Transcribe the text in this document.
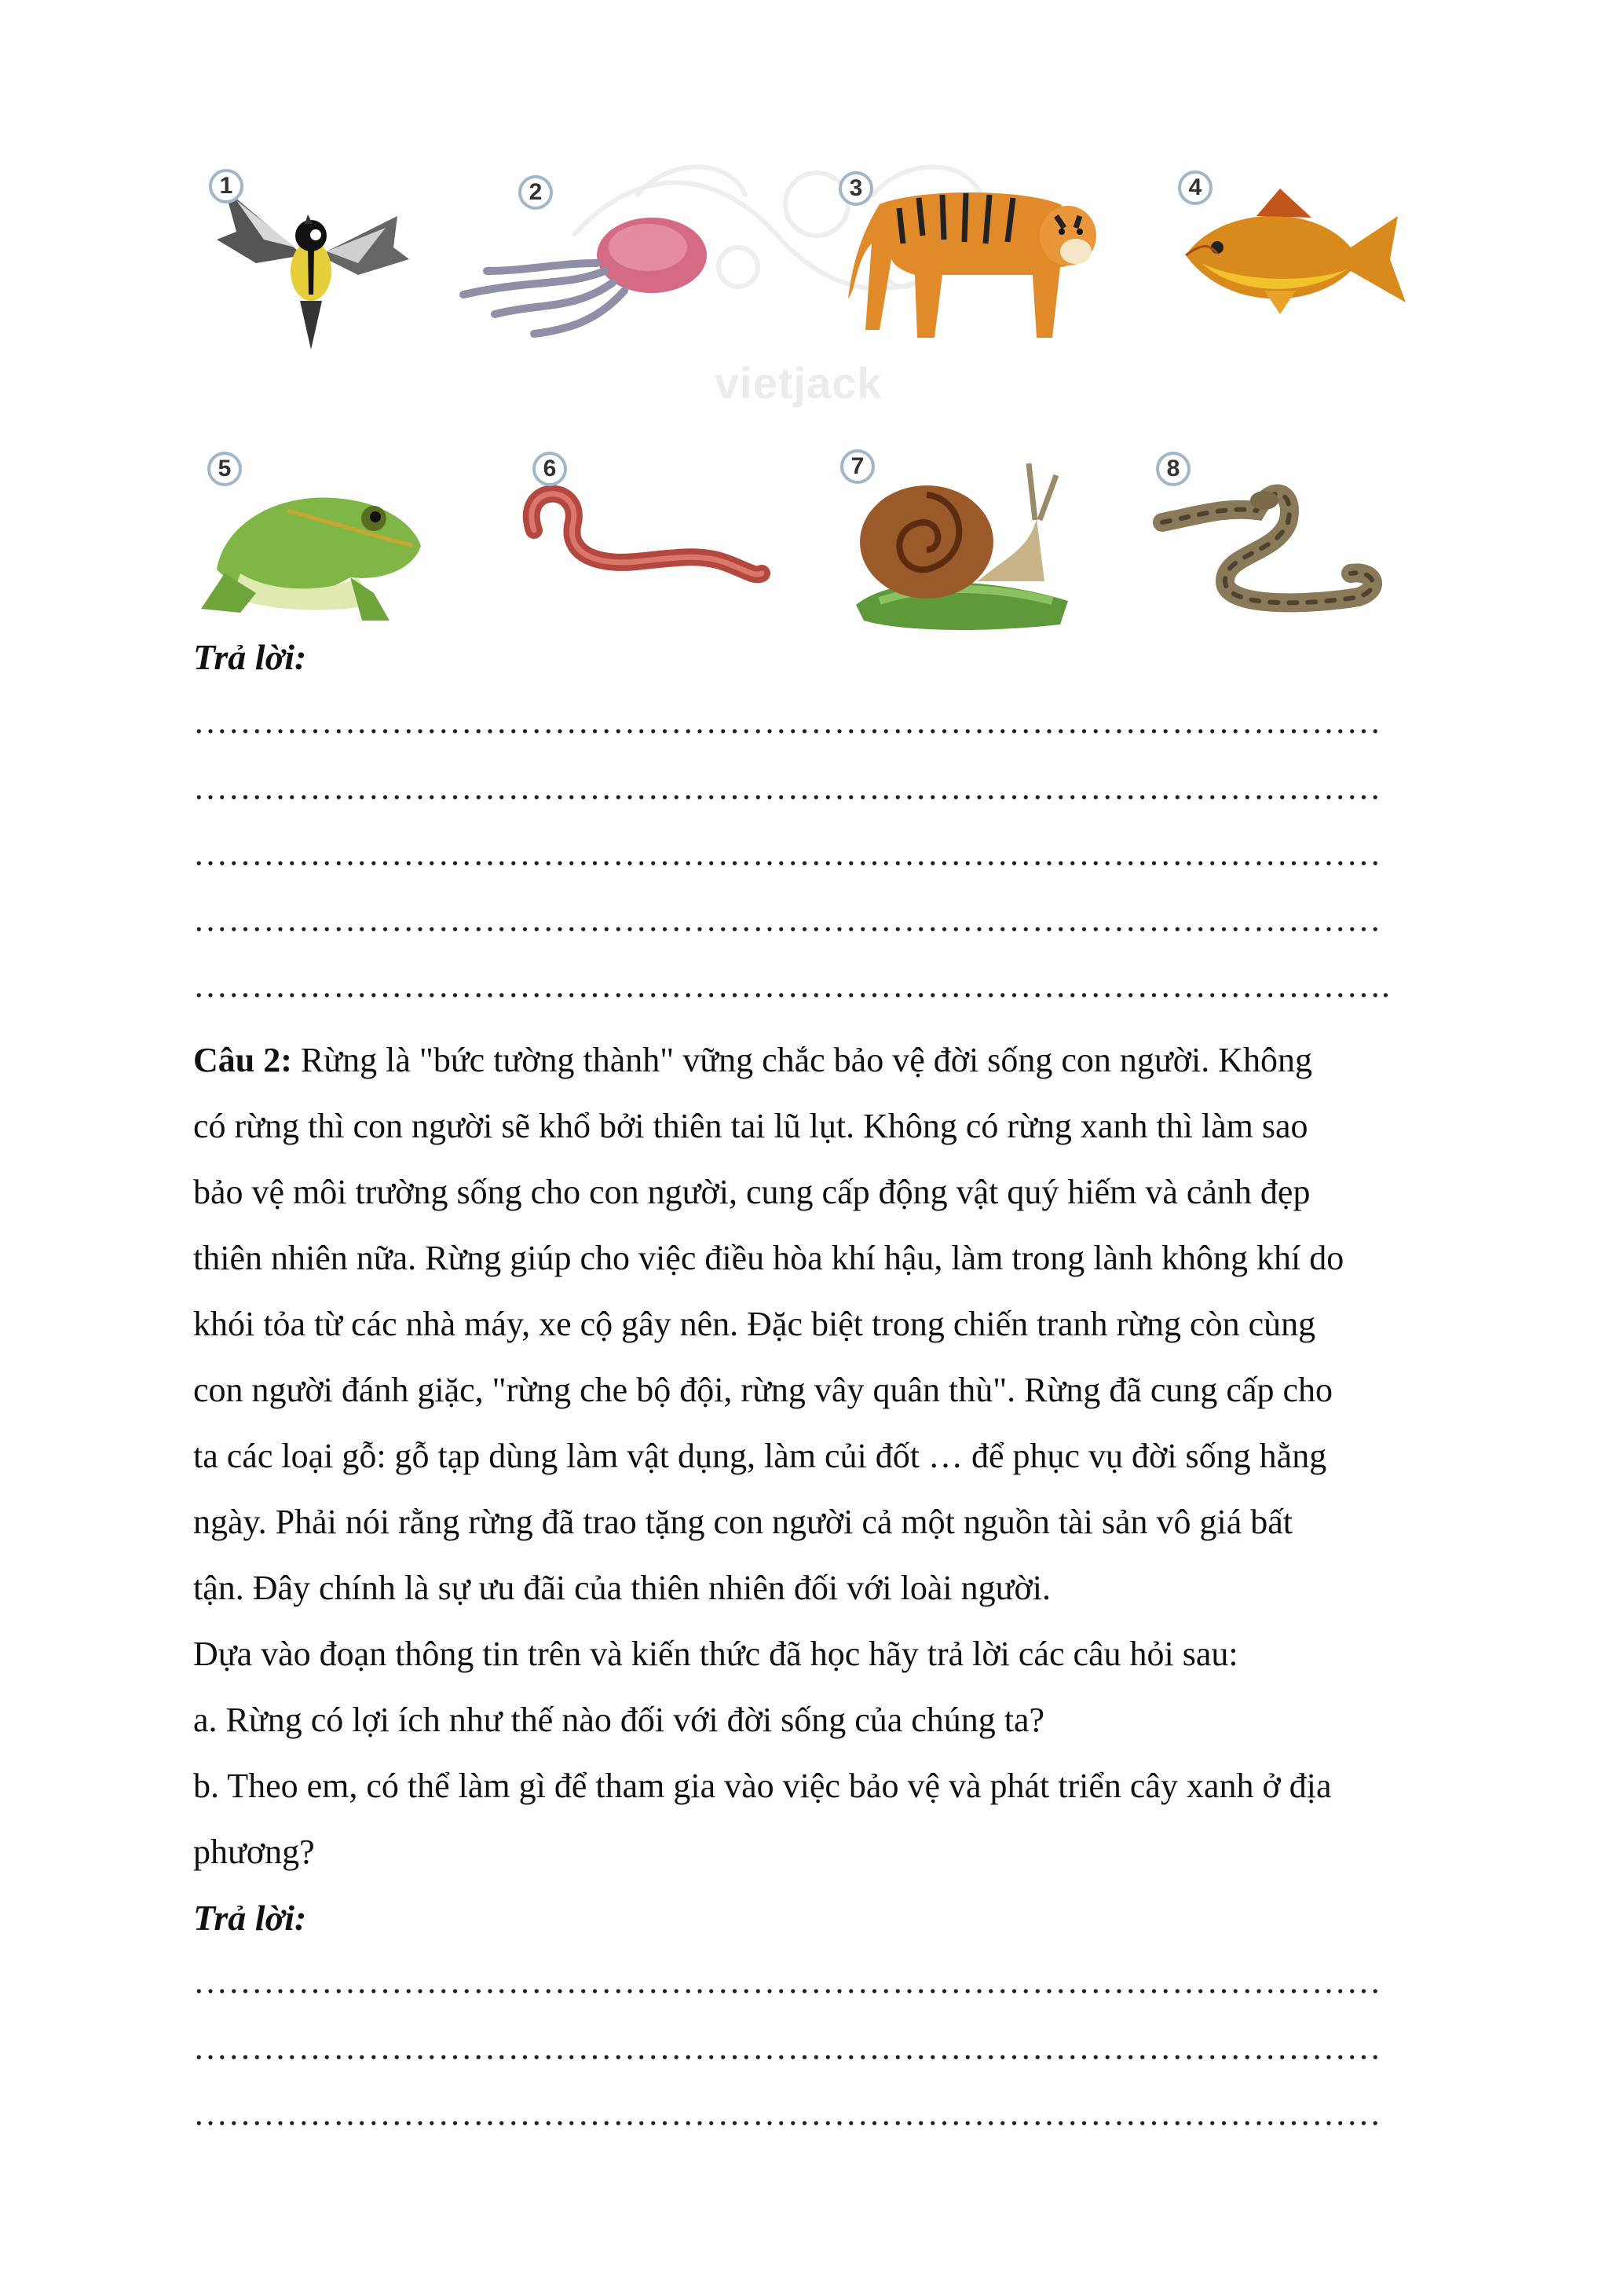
vietjack
1	2	3	4
5	6	7	8
Trả lời:
…………………………………………………………………………………………
…………………………………………………………………………………………
…………………………………………………………………………………………
…………………………………………………………………………………………
………………………………………………………………………………………….
Câu 2: Rừng là "bức tường thành" vững chắc bảo vệ đời sống con người. Không
có rừng thì con người sẽ khổ bởi thiên tai lũ lụt. Không có rừng xanh thì làm sao
bảo vệ môi trường sống cho con người, cung cấp động vật quý hiếm và cảnh đẹp
thiên nhiên nữa. Rừng giúp cho việc điều hòa khí hậu, làm trong lành không khí do
khói tỏa từ các nhà máy, xe cộ gây nên. Đặc biệt trong chiến tranh rừng còn cùng
con người đánh giặc, "rừng che bộ đội, rừng vây quân thù". Rừng đã cung cấp cho
ta các loại gỗ: gỗ tạp dùng làm vật dụng, làm củi đốt … để phục vụ đời sống hằng
ngày. Phải nói rằng rừng đã trao tặng con người cả một nguồn tài sản vô giá bất
tận. Đây chính là sự ưu đãi của thiên nhiên đối với loài người.
Dựa vào đoạn thông tin trên và kiến thức đã học hãy trả lời các câu hỏi sau:
a. Rừng có lợi ích như thế nào đối với đời sống của chúng ta?
b. Theo em, có thể làm gì để tham gia vào việc bảo vệ và phát triển cây xanh ở địa
phương?
Trả lời:
…………………………………………………………………………………………
…………………………………………………………………………………………
…………………………………………………………………………………………
